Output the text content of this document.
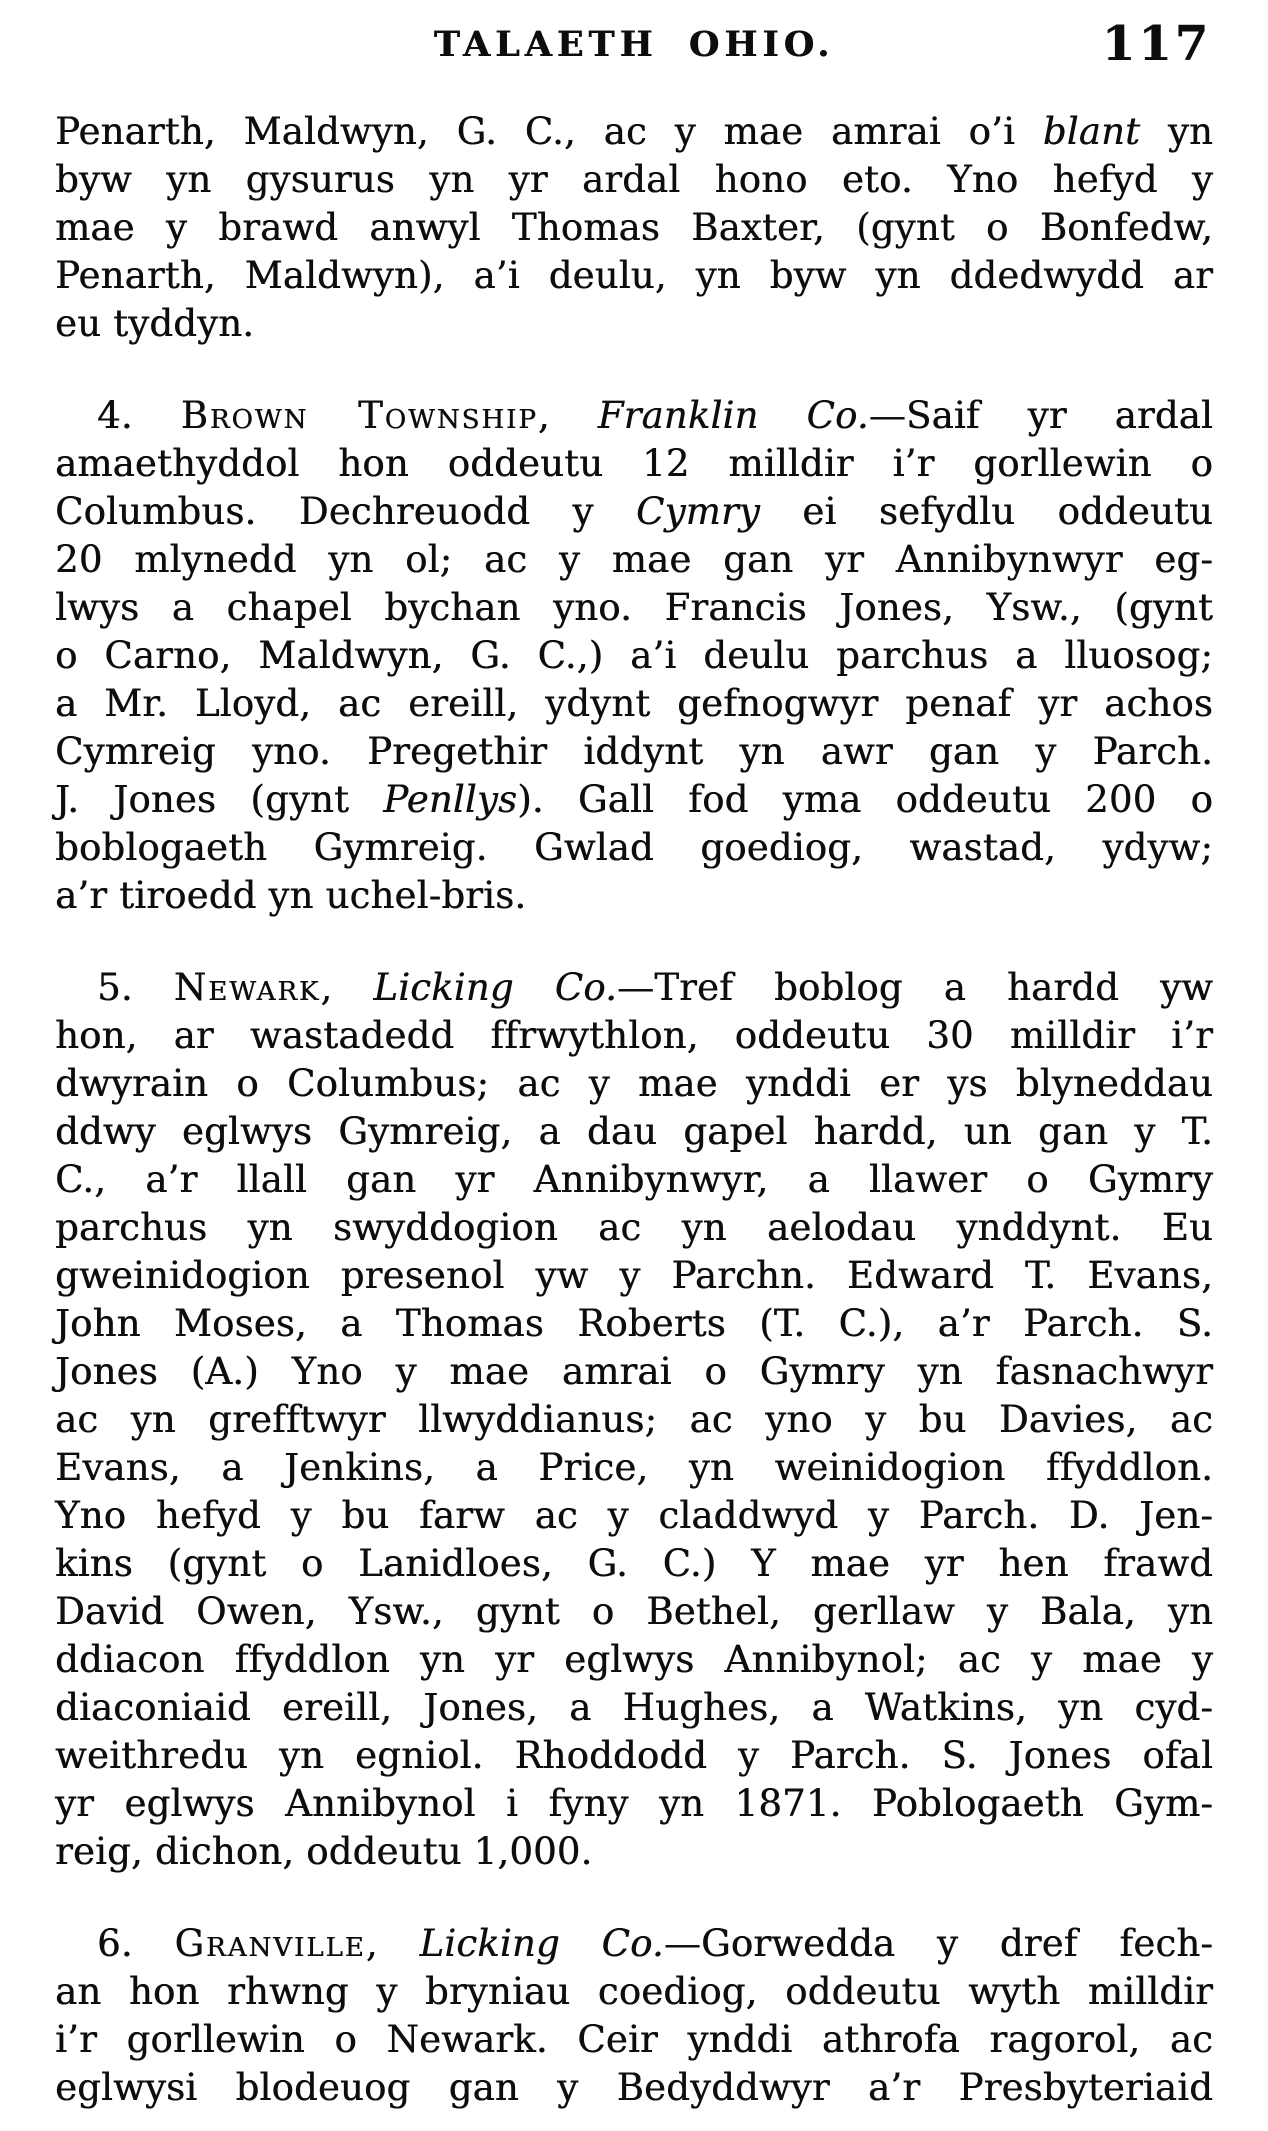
TALAETH OHIO.	117
Penarth, Maldwyn, G. C., ac y mae amrai o’i blant yn
byw yn gysurus yn yr ardal hono eto. Yno hefyd y
mae y brawd anwyl Thomas Baxter, (gynt o Bonfedw,
Penarth, Maldwyn), a’i deulu, yn byw yn ddedwydd ar
eu tyddyn.
4. Brown Township, Franklin Co.—Saif yr ardal
amaethyddol hon oddeutu 12 milldir i’r gorllewin o
Columbus. Dechreuodd y Cymry ei sefydlu oddeutu
20 mlynedd yn ol; ac y mae gan yr Annibynwyr eg-
lwys a chapel bychan yno. Francis Jones, Ysw., (gynt
o Carno, Maldwyn, G. C.,) a’i deulu parchus a lluosog;
a Mr. Lloyd, ac ereill, ydynt gefnogwyr penaf yr achos
Cymreig yno. Pregethir iddynt yn awr gan y Parch.
J. Jones (gynt Penllys). Gall fod yma oddeutu 200 o
boblogaeth Gymreig. Gwlad goediog, wastad, ydyw;
a’r tiroedd yn uchel-bris.
5. Newark, Licking Co.—Tref boblog a hardd yw
hon, ar wastadedd ffrwythlon, oddeutu 30 milldir i’r
dwyrain o Columbus; ac y mae ynddi er ys blyneddau
ddwy eglwys Gymreig, a dau gapel hardd, un gan y T.
C., a’r llall gan yr Annibynwyr, a llawer o Gymry
parchus yn swyddogion ac yn aelodau ynddynt. Eu
gweinidogion presenol yw y Parchn. Edward T. Evans,
John Moses, a Thomas Roberts (T. C.), a’r Parch. S.
Jones (A.) Yno y mae amrai o Gymry yn fasnachwyr
ac yn grefftwyr llwyddianus; ac yno y bu Davies, ac
Evans, a Jenkins, a Price, yn weinidogion ffyddlon.
Yno hefyd y bu farw ac y claddwyd y Parch. D. Jen-
kins (gynt o Lanidloes, G. C.) Y mae yr hen frawd
David Owen, Ysw., gynt o Bethel, gerllaw y Bala, yn
ddiacon ffyddlon yn yr eglwys Annibynol; ac y mae y
diaconiaid ereill, Jones, a Hughes, a Watkins, yn cyd-
weithredu yn egniol. Rhoddodd y Parch. S. Jones ofal
yr eglwys Annibynol i fyny yn 1871. Poblogaeth Gym-
reig, dichon, oddeutu 1,000.
6. Granville, Licking Co.—Gorwedda y dref fech-
an hon rhwng y bryniau coediog, oddeutu wyth milldir
i’r gorllewin o Newark. Ceir ynddi athrofa ragorol, ac
eglwysi blodeuog gan y Bedyddwyr a’r Presbyteriaid
